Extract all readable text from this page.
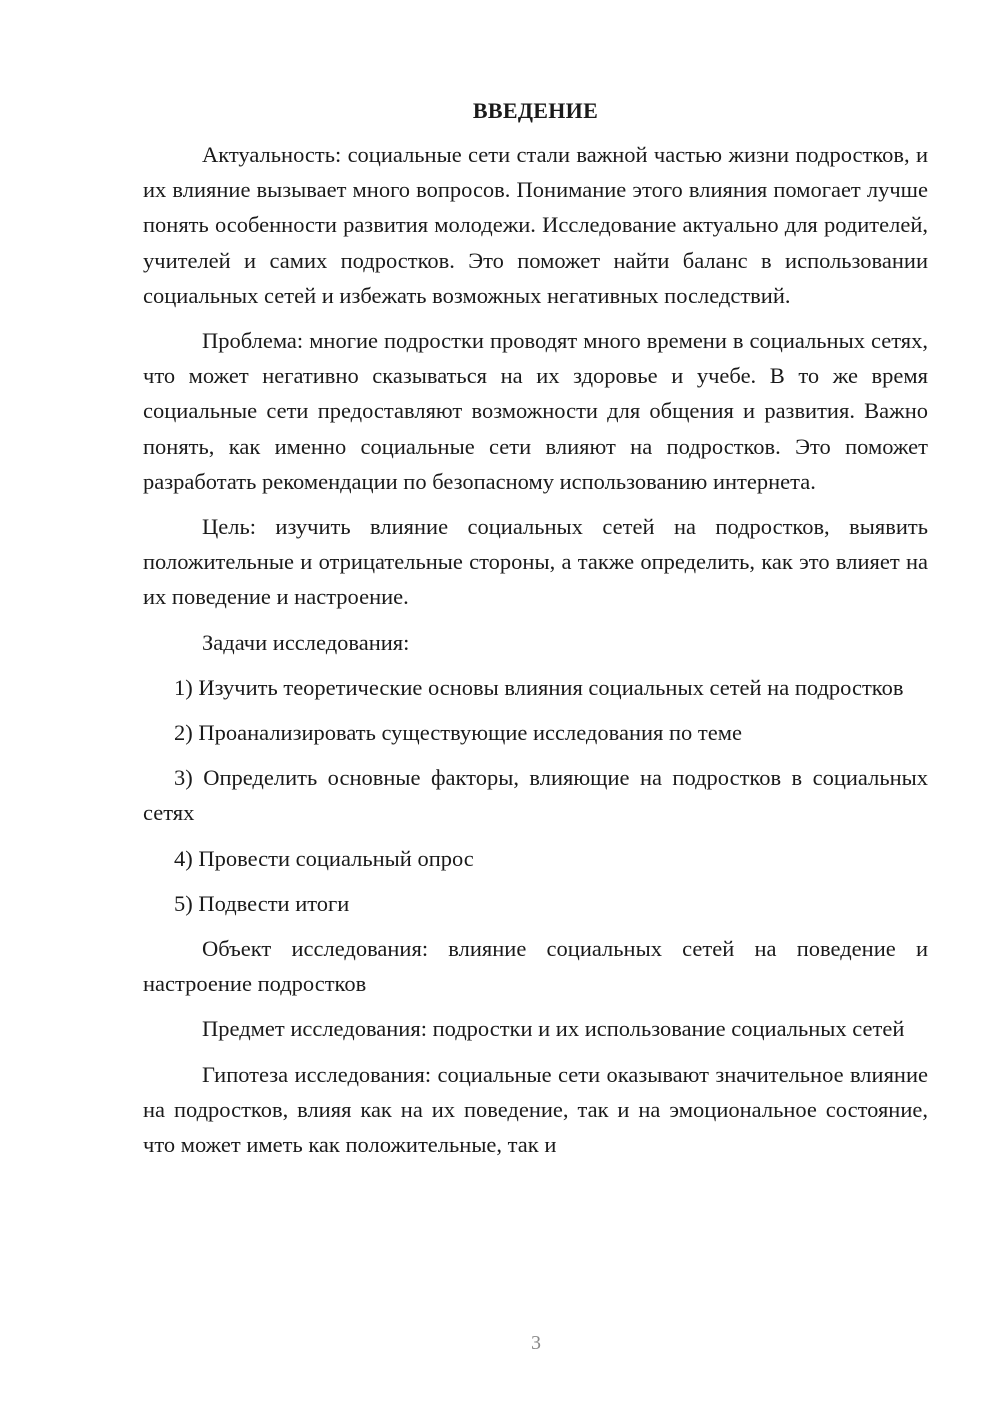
ВВЕДЕНИЕ

Актуальность: социальные сети стали важной частью жизни подростков, и их влияние вызывает много вопросов. Понимание этого влияния помогает лучше понять особенности развития молодежи. Исследование актуально для родителей, учителей и самих подростков. Это поможет найти баланс в использовании социальных сетей и избежать возможных негативных последствий.

Проблема: многие подростки проводят много времени в социальных сетях, что может негативно сказываться на их здоровье и учебе. В то же время социальные сети предоставляют возможности для общения и развития. Важно понять, как именно социальные сети влияют на подростков. Это поможет разработать рекомендации по безопасному использованию интернета.

Цель: изучить влияние социальных сетей на подростков, выявить положительные и отрицательные стороны, а также определить, как это влияет на их поведение и настроение.

Задачи исследования:

1) Изучить теоретические основы влияния социальных сетей на подростков

2) Проанализировать существующие исследования по теме

3) Определить основные факторы, влияющие на подростков в социальных сетях

4) Провести социальный опрос

5) Подвести итоги

Объект исследования: влияние социальных сетей на поведение и настроение подростков

Предмет исследования: подростки и их использование социальных сетей

Гипотеза исследования: социальные сети оказывают значительное влияние на подростков, влияя как на их поведение, так и на эмоциональное состояние, что может иметь как положительные, так и

3
